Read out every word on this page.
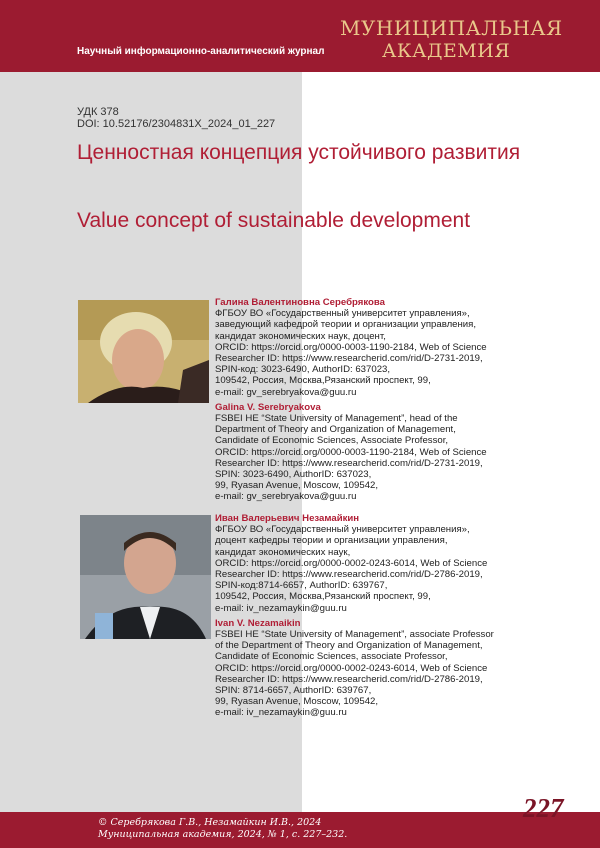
Научный информационно-аналитический журнал
МУНИЦИПАЛЬНАЯ
АКАДЕМИЯ
УДК 378
DOI: 10.52176/2304831X_2024_01_227
Ценностная концепция устойчивого развития
Value concept of sustainable development
Галина Валентиновна Серебрякова
ФГБОУ ВО «Государственный университет управления»,
заведующий кафедрой теории и организации управления,
кандидат экономических наук, доцент,
ORCID: https://orcid.org/0000-0003-1190-2184, Web of Science
Researcher ID: https://www.researcherid.com/rid/D-2731-2019,
SPIN-код: 3023-6490, AuthorID: 637023,
109542, Россия, Москва,Рязанский проспект, 99,
e-mail: gv_serebryakova@guu.ru
Galina V. Serebryakova
FSBEI HE “State University of Management”, head of the
Department of Theory and Organization of Management,
Candidate of Economic Sciences, Associate Professor,
ORCID: https://orcid.org/0000-0003-1190-2184, Web of Science
Researcher ID: https://www.researcherid.com/rid/D-2731-2019,
SPIN: 3023-6490, AuthorID: 637023,
99, Ryasan Avenue, Moscow, 109542,
e-mail: gv_serebryakova@guu.ru
Иван Валерьевич Незамайкин
ФГБОУ ВО «Государственный университет управления»,
доцент кафедры теории и организации управления,
кандидат экономических наук,
ORCID: https://orcid.org/0000-0002-0243-6014, Web of Science
Researcher ID: https://www.researcherid.com/rid/D-2786-2019,
SPIN-код:8714-6657, AuthorID: 639767,
109542, Россия, Москва,Рязанский проспект, 99,
e-mail: iv_nezamaykin@guu.ru
Ivan V. Nezamaikin
FSBEI HE “State University of Management”, associate Professor
of the Department of Theory and Organization of Management,
Candidate of Economic Sciences, associate Professor,
ORCID: https://orcid.org/0000-0002-0243-6014, Web of Science
Researcher ID: https://www.researcherid.com/rid/D-2786-2019,
SPIN: 8714-6657, AuthorID: 639767,
99, Ryasan Avenue, Moscow, 109542,
e-mail: iv_nezamaykin@guu.ru
227
© Серебрякова Г.В., Незамайкин И.В., 2024
Муниципальная академия, 2024, № 1, с. 227–232.
